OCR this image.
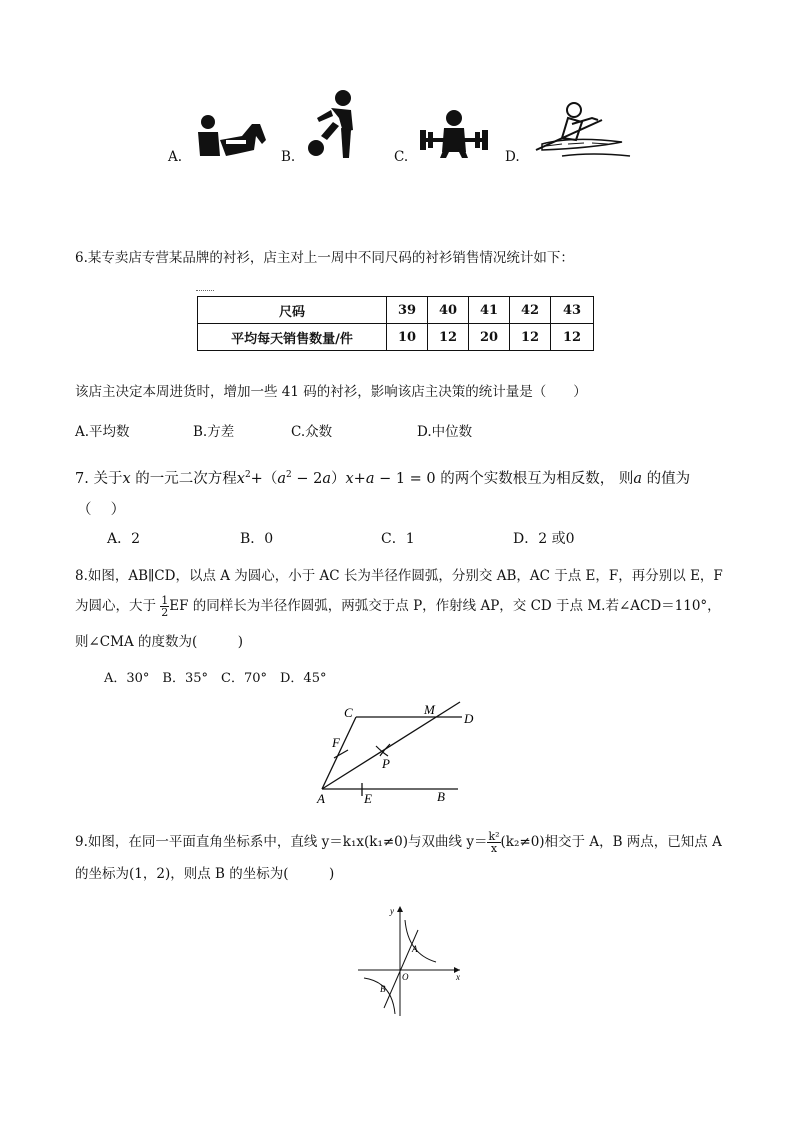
A.	B.	C.	D.
6.某专卖店专营某品牌的衬衫，店主对上一周中不同尺码的衬衫销售情况统计如下：
尺码	39	40	41	42	43
平均每天销售数量/件	10	12	20	12	12
该店主决定本周进货时，增加一些 41 码的衬衫，影响该店主决策的统计量是（　　）
A.平均数	B.方差	C.众数	D.中位数
7. 关于x 的一元二次方程$x^2+(a^2 - 2a)x+a - 1 = 0$ 的两个实数根互为相反数， 则a 的值为
（　 ）
A．2	B．0	C．1	D．2 或0
8.如图，AB∥CD，以点 A 为圆心，小于 AC 长为半径作圆弧，分别交 AB，AC 于点 E，F，再分别以 E，F
为圆心，大于 $\frac{1}{2}$ EF 的同样长为半径作圆弧，两弧交于点 P，作射线 AP，交 CD 于点 M.若∠ACD＝110°，
则∠CMA 的度数为(　　　)
A．30°　B．35°　C．70°　D．45°
C	M
D
F
P
A	E	B
9.如图，在同一平面直角坐标系中，直线 y＝k₁x(k₁≠0)与双曲线 $y= \frac{\text{k²}}{x} (k_2\ne 0)$相交于 A，B 两点，已知点 A
的坐标为(1，2)，则点 B 的坐标为(　　　)
y
x
O
A
B
